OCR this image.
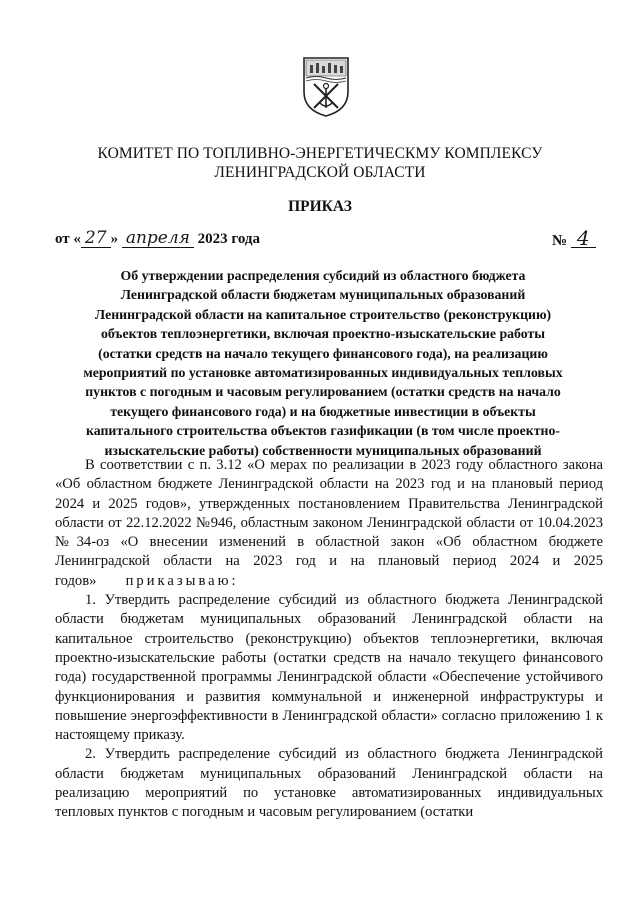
КОМИТЕТ ПО ТОПЛИВНО-ЭНЕРГЕТИЧЕСКМУ КОМПЛЕКСУ
ЛЕНИНГРАДСКОЙ ОБЛАСТИ
ПРИКАЗ
от « 27 » апреля 2023 года	№ 4
Об утверждении распределения субсидий из областного бюджета Ленинградской области бюджетам муниципальных образований Ленинградской области на капитальное строительство (реконструкцию) объектов теплоэнергетики, включая проектно-изыскательские работы (остатки средств на начало текущего финансового года), на реализацию мероприятий по установке автоматизированных индивидуальных тепловых пунктов с погодным и часовым регулированием (остатки средств на начало текущего финансового года) и на бюджетные инвестиции в объекты капитального строительства объектов газификации (в том числе проектно-изыскательские работы) собственности муниципальных образований

В соответствии с п. 3.12 «О мерах по реализации в 2023 году областного закона «Об областном бюджете Ленинградской области на 2023 год и на плановый период 2024 и 2025 годов», утвержденных постановлением Правительства Ленинградской области от 22.12.2022 №946, областным законом Ленинградской области от 10.04.2023 №34-оз «О внесении изменений в областной закон «Об областном бюджете Ленинградской области на 2023 год и на плановый период 2024 и 2025 годов» приказываю:

1. Утвердить распределение субсидий из областного бюджета Ленинградской области бюджетам муниципальных образований Ленинградской области на капитальное строительство (реконструкцию) объектов теплоэнергетики, включая проектно-изыскательские работы (остатки средств на начало текущего финансового года) государственной программы Ленинградской области «Обеспечение устойчивого функционирования и развития коммунальной и инженерной инфраструктуры и повышение энергоэффективности в Ленинградской области» согласно приложению 1 к настоящему приказу.

2. Утвердить распределение субсидий из областного бюджета Ленинградской области бюджетам муниципальных образований Ленинградской области на реализацию мероприятий по установке автоматизированных индивидуальных тепловых пунктов с погодным и часовым регулированием (остатки
